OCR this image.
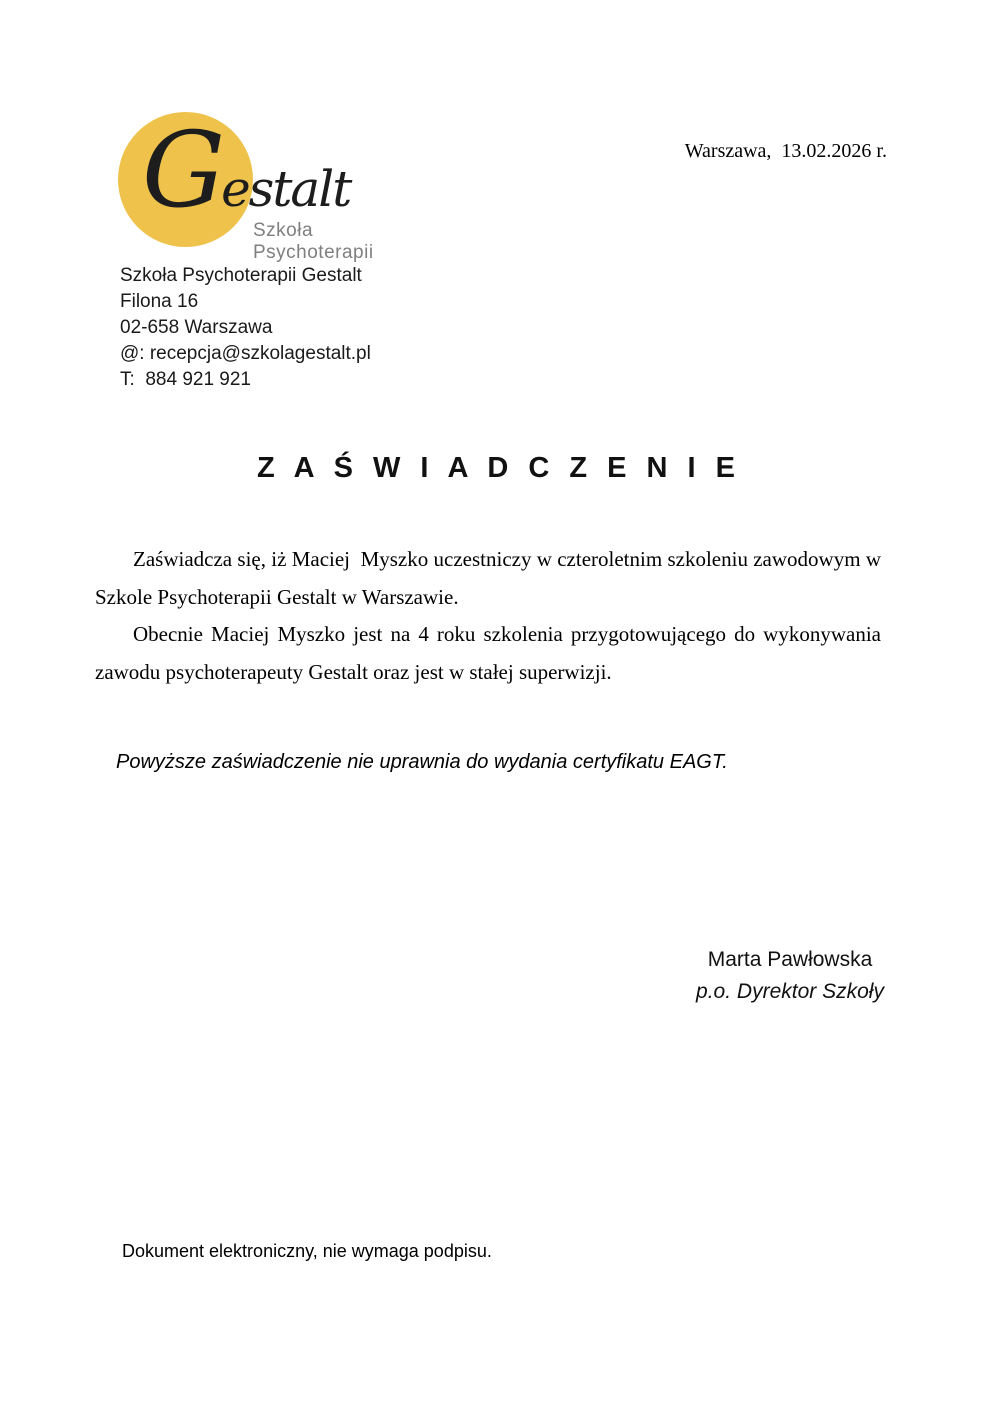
G estalt
Szkoła Psychoterapii
Warszawa,  13.02.2026 r.
Szkoła Psychoterapii Gestalt
Filona 16
02-658 Warszawa
@: recepcja@szkolagestalt.pl
T:  884 921 921
Z A Ś W I A D C Z E N I E

Zaświadcza się, iż Maciej  Myszko uczestniczy w czteroletnim szkoleniu zawodowym w Szkole Psychoterapii Gestalt w Warszawie.

Obecnie Maciej Myszko jest na 4 roku szkolenia przygotowującego do wykonywania zawodu psychoterapeuty Gestalt oraz jest w stałej superwizji.

Powyższe zaświadczenie nie uprawnia do wydania certyfikatu EAGT.
Marta Pawłowska
p.o. Dyrektor Szkoły
Dokument elektroniczny, nie wymaga podpisu.
